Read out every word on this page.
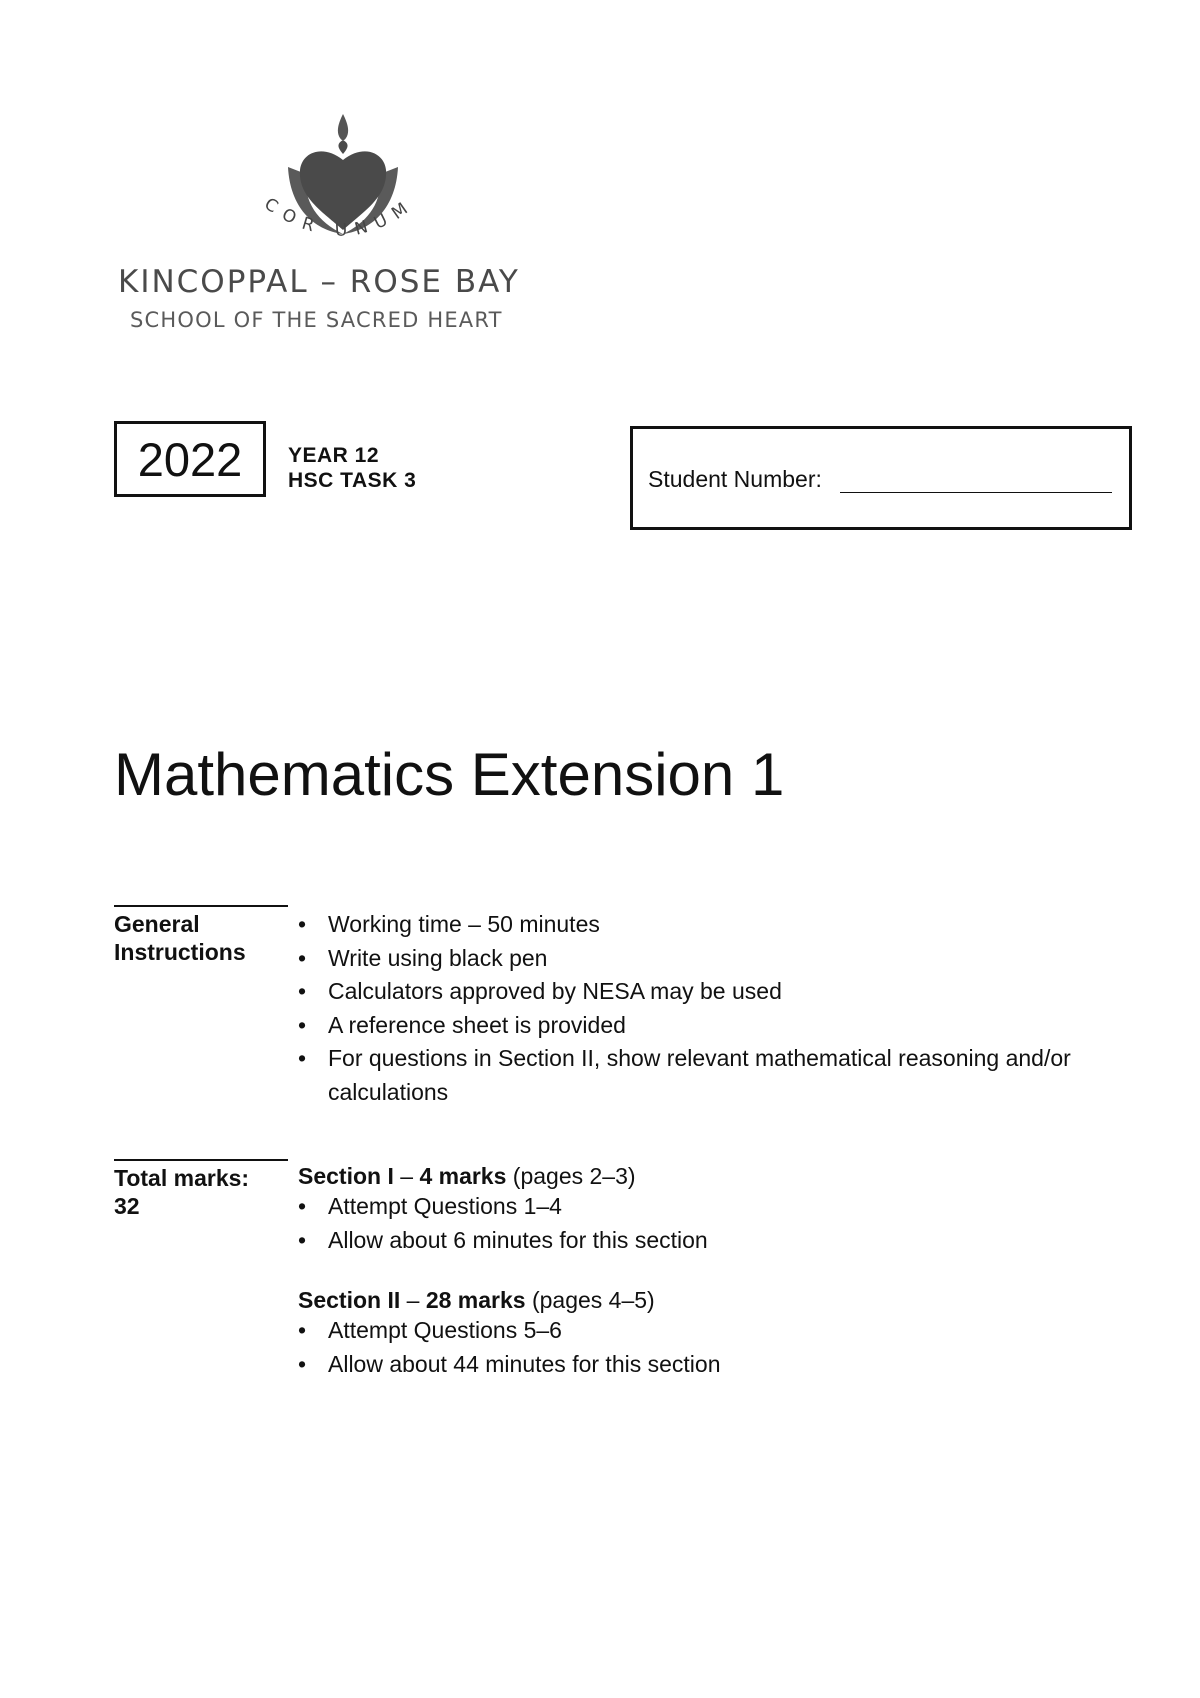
COR UNUM
KINCOPPAL – ROSE BAY
SCHOOL OF THE SACRED HEART
2022 YEAR 12
HSC TASK 3	Student Number:
Mathematics Extension 1
General
Instructions
• Working time – 50 minutes
• Write using black pen
• Calculators approved by NESA may be used
• A reference sheet is provided
• For questions in Section II, show relevant mathematical reasoning and/or calculations
Total marks:
32
Section I – 4 marks (pages 2–3)
• Attempt Questions 1–4
• Allow about 6 minutes for this section
Section II – 28 marks (pages 4–5)
• Attempt Questions 5–6
• Allow about 44 minutes for this section
